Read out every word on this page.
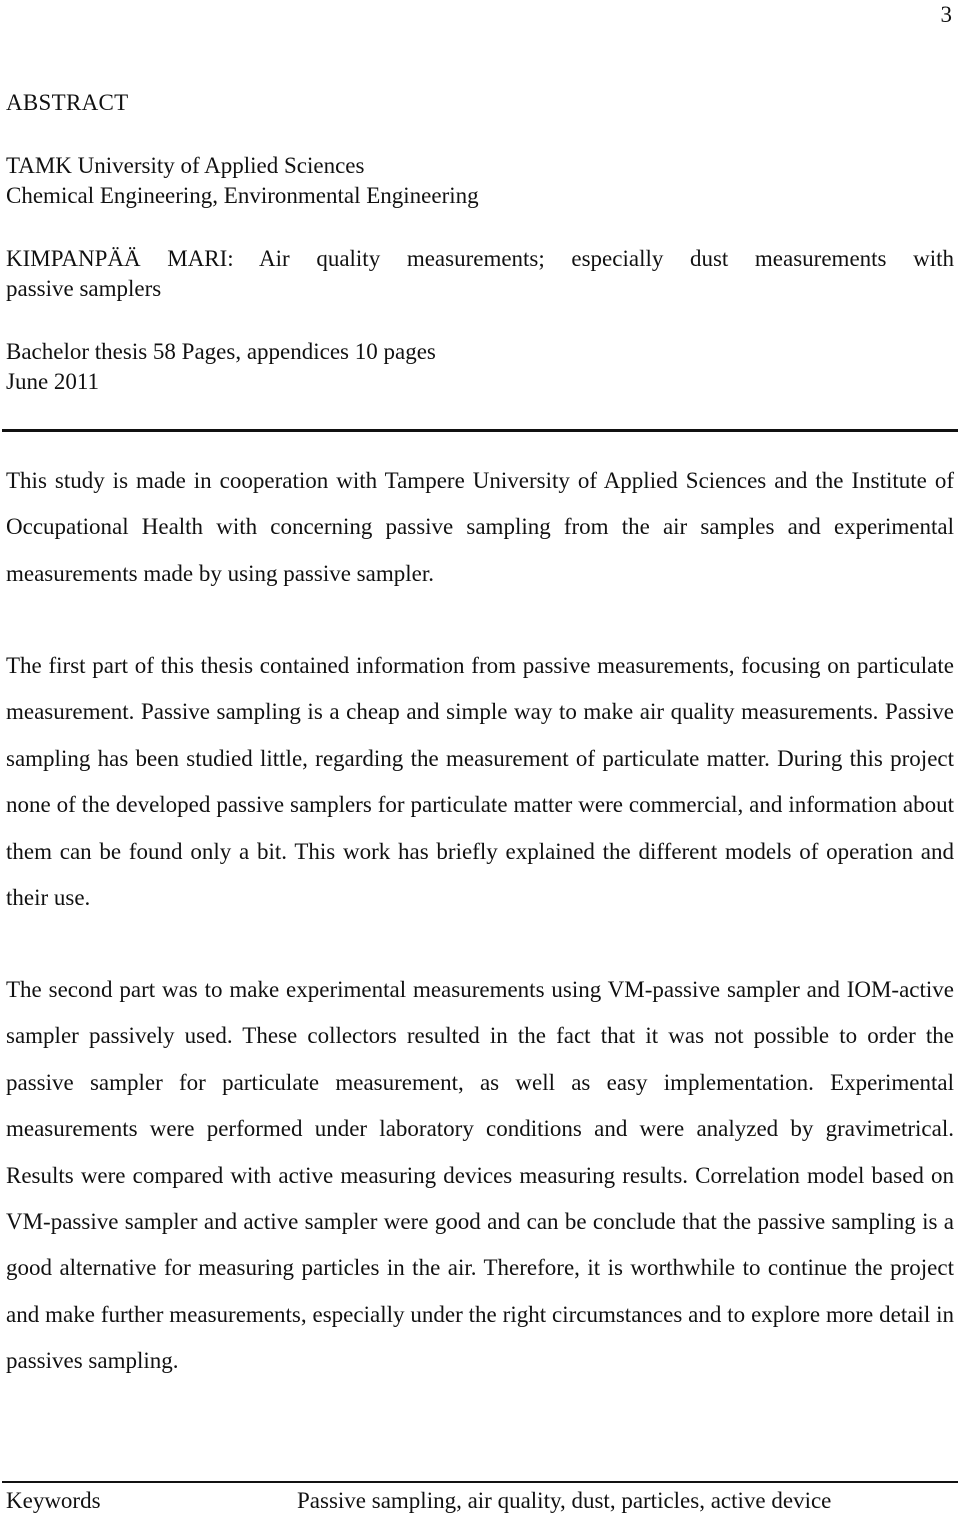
3
ABSTRACT
TAMK University of Applied Sciences
Chemical Engineering, Environmental Engineering
KIMPANPÄÄ MARI: Air quality measurements; especially dust measurements with
passive samplers
Bachelor thesis 58 Pages, appendices 10 pages
June 2011

This study is made in cooperation with Tampere University of Applied Sciences and the Institute of Occupational Health with concerning passive sampling from the air samples and experimental measurements made by using passive sampler.

The first part of this thesis contained information from passive measurements, focusing on particulate measurement. Passive sampling is a cheap and simple way to make air quality measurements. Passive sampling has been studied little, regarding the measurement of particulate matter. During this project none of the developed passive samplers for particulate matter were commercial, and information about them can be found only a bit. This work has briefly explained the different models of operation and their use.

The second part was to make experimental measurements using VM-passive sampler and IOM-active sampler passively used. These collectors resulted in the fact that it was not possible to order the passive sampler for particulate measurement, as well as easy implementation. Experimental measurements were performed under laboratory conditions and were analyzed by gravimetrical. Results were compared with active measuring devices measuring results. Correlation model based on VM-passive sampler and active sampler were good and can be conclude that the passive sampling is a good alternative for measuring particles in the air. Therefore, it is worthwhile to continue the project and make further measurements, especially under the right circumstances and to explore more detail in passives sampling.

Keywords	Passive sampling, air quality, dust, particles, active device
